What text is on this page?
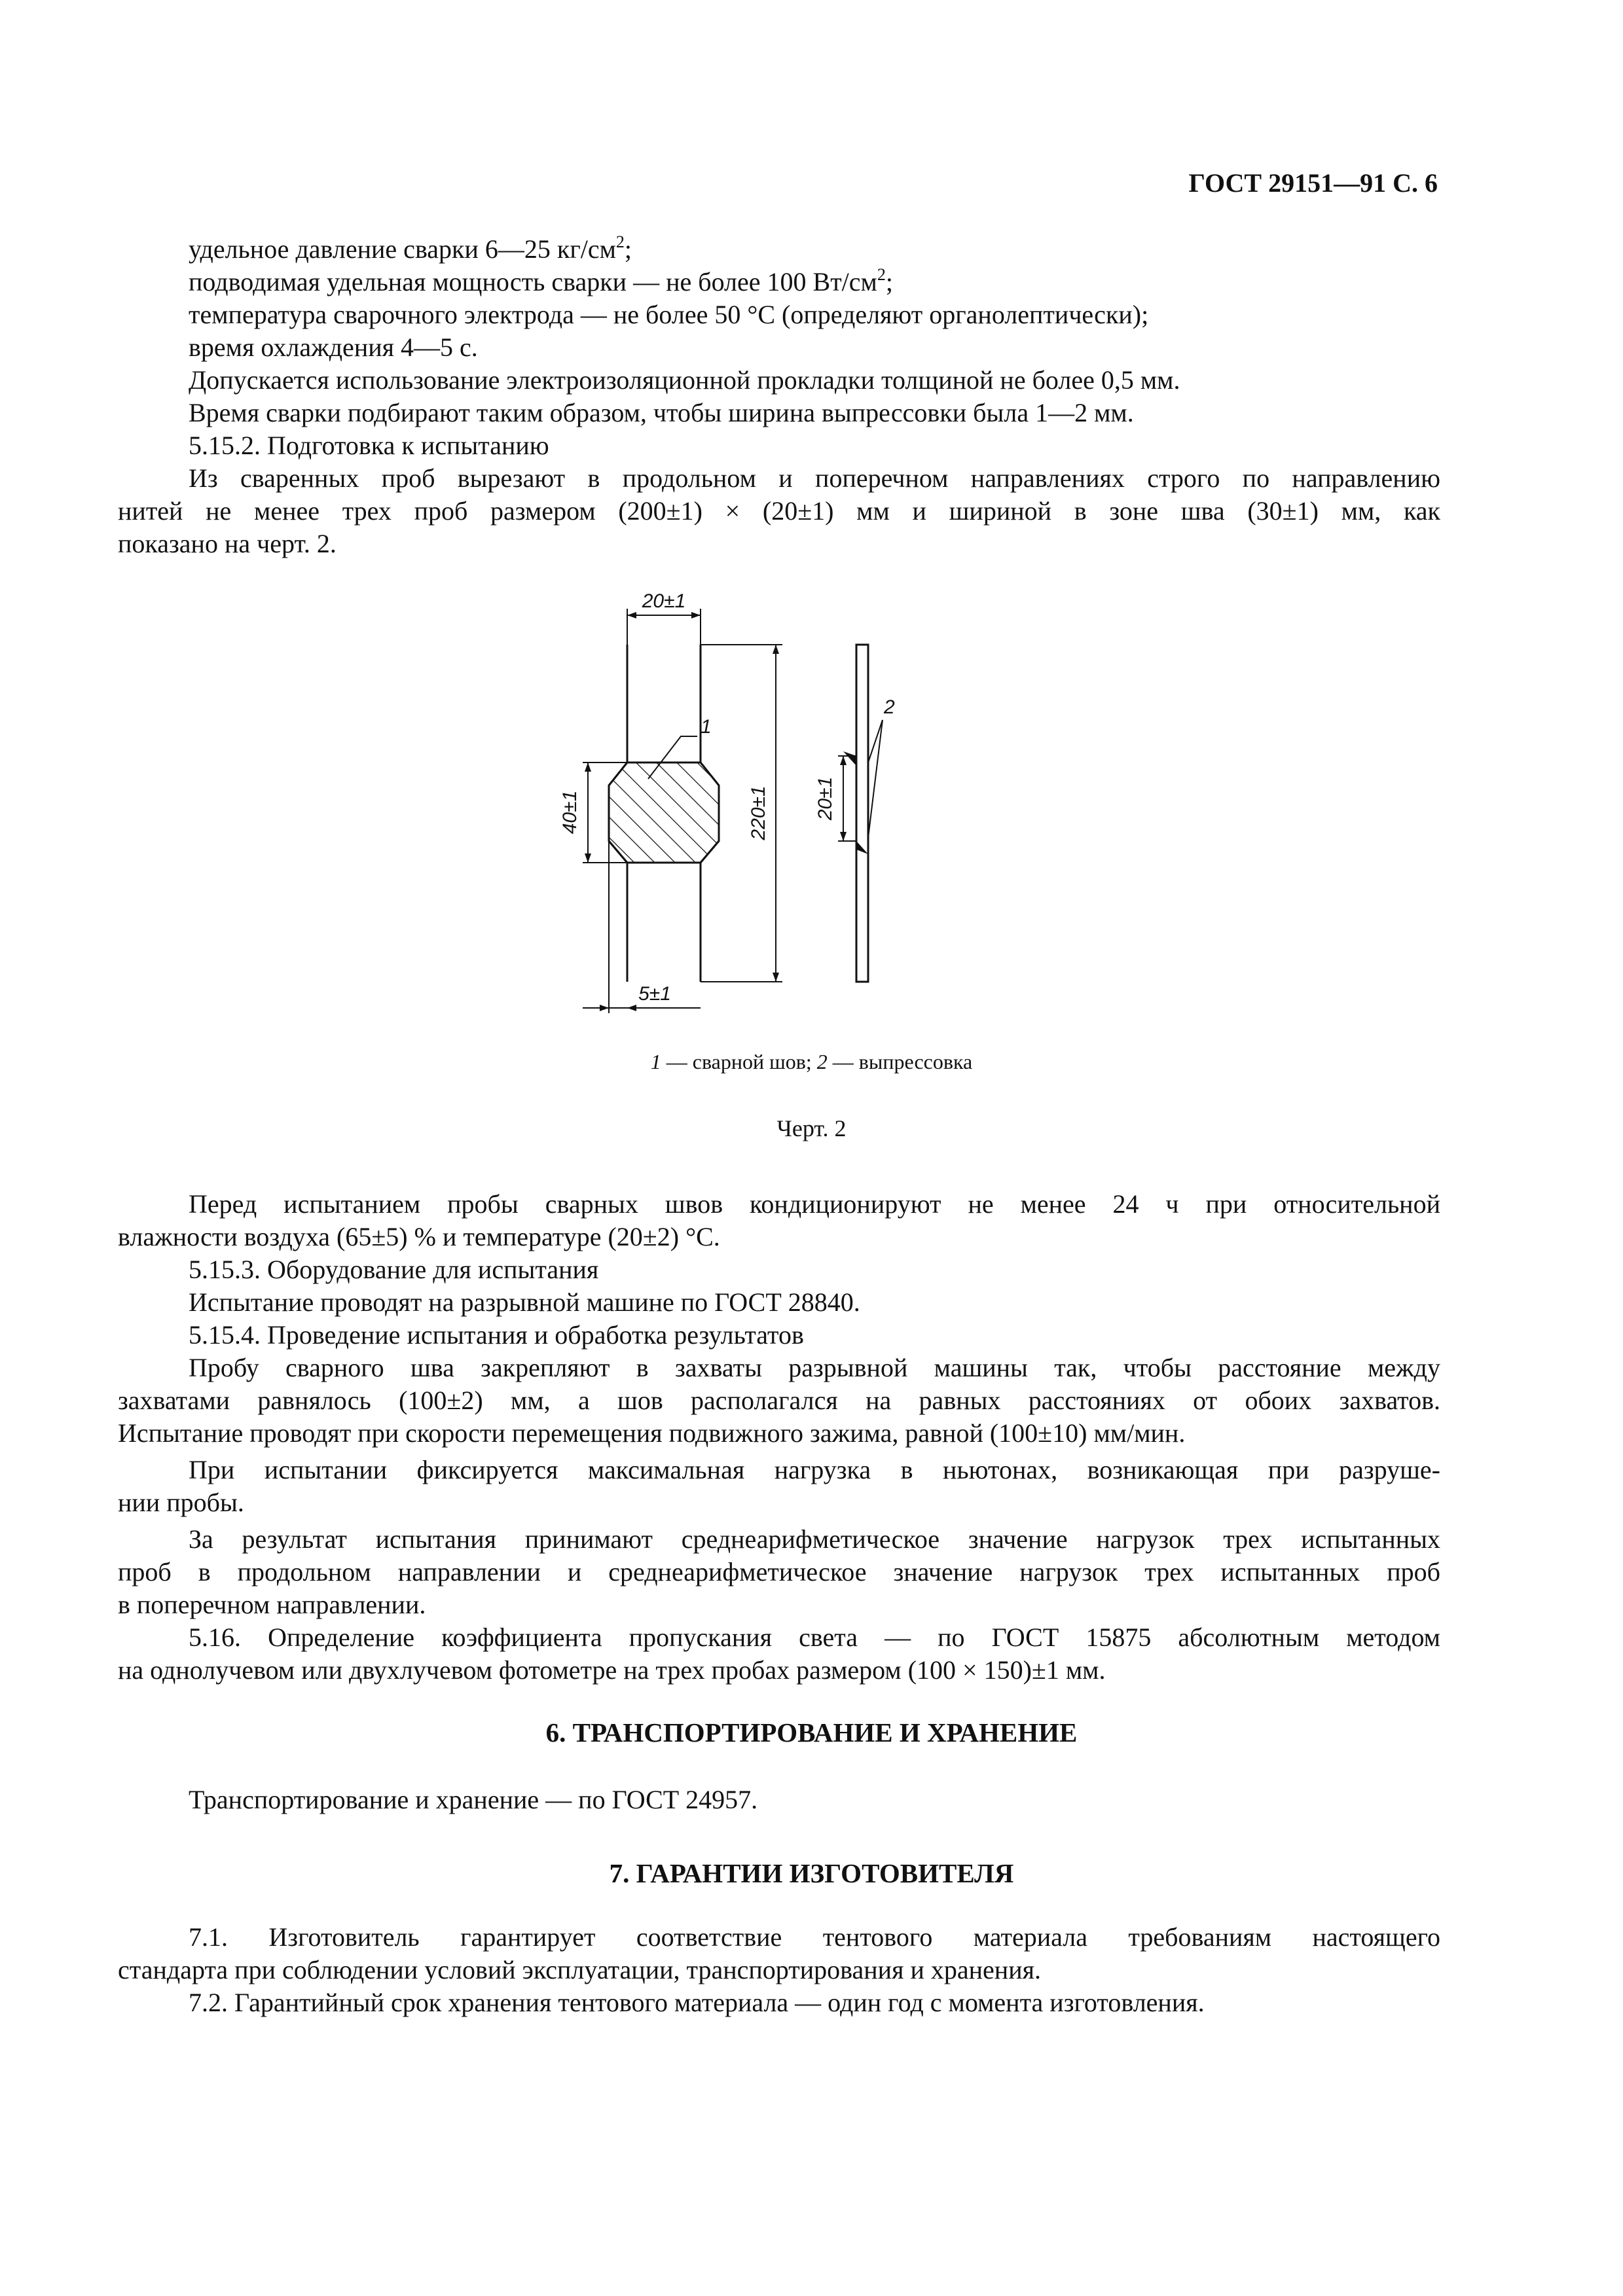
ГОСТ 29151—91 С. 6
удельное давление сварки 6—25 $кг/см^2$;
подводимая удельная мощность сварки — не более 100 $Вт/см^2$;
температура сварочного электрода — не более 50 °С (определяют органолептически);
время охлаждения 4—5 с.
Допускается использование электроизоляционной прокладки толщиной не более 0,5 мм.
Время сварки подбирают таким образом, чтобы ширина выпрессовки была 1—2 мм.
5.15.2. Подготовка к испытанию
Из сваренных проб вырезают в продольном и поперечном направлениях строго по направлению
нитей не менее трех проб размером (200±1) × (20±1) мм и шириной в зоне шва (30±1) мм, как
показано на черт. 2.
20±1
40±1	220±1
5±1
1
20±1
2
1 — сварной шов; 2 — выпрессовка
Черт. 2
Перед испытанием пробы сварных швов кондиционируют не менее 24 ч при относительной
влажности воздуха (65±5) % и температуре (20±2) °С.
5.15.3. Оборудование для испытания
Испытание проводят на разрывной машине по ГОСТ 28840.
5.15.4. Проведение испытания и обработка результатов
Пробу сварного шва закрепляют в захваты разрывной машины так, чтобы расстояние между
захватами равнялось (100±2) мм, а шов располагался на равных расстояниях от обоих захватов.
Испытание проводят при скорости перемещения подвижного зажима, равной (100±10) мм/мин.
При испытании фиксируется максимальная нагрузка в ньютонах, возникающая при разруше-
нии пробы.
За результат испытания принимают среднеарифметическое значение нагрузок трех испытанных
проб в продольном направлении и среднеарифметическое значение нагрузок трех испытанных проб
в поперечном направлении.
5.16. Определение коэффициента пропускания света — по ГОСТ 15875 абсолютным методом
на однолучевом или двухлучевом фотометре на трех пробах размером (100 × 150)±1 мм.
6. ТРАНСПОРТИРОВАНИЕ И ХРАНЕНИЕ
Транспортирование и хранение — по ГОСТ 24957.
7. ГАРАНТИИ ИЗГОТОВИТЕЛЯ
7.1. Изготовитель гарантирует соответствие тентового материала требованиям настоящего
стандарта при соблюдении условий эксплуатации, транспортирования и хранения.
7.2. Гарантийный срок хранения тентового материала — один год с момента изготовления.
